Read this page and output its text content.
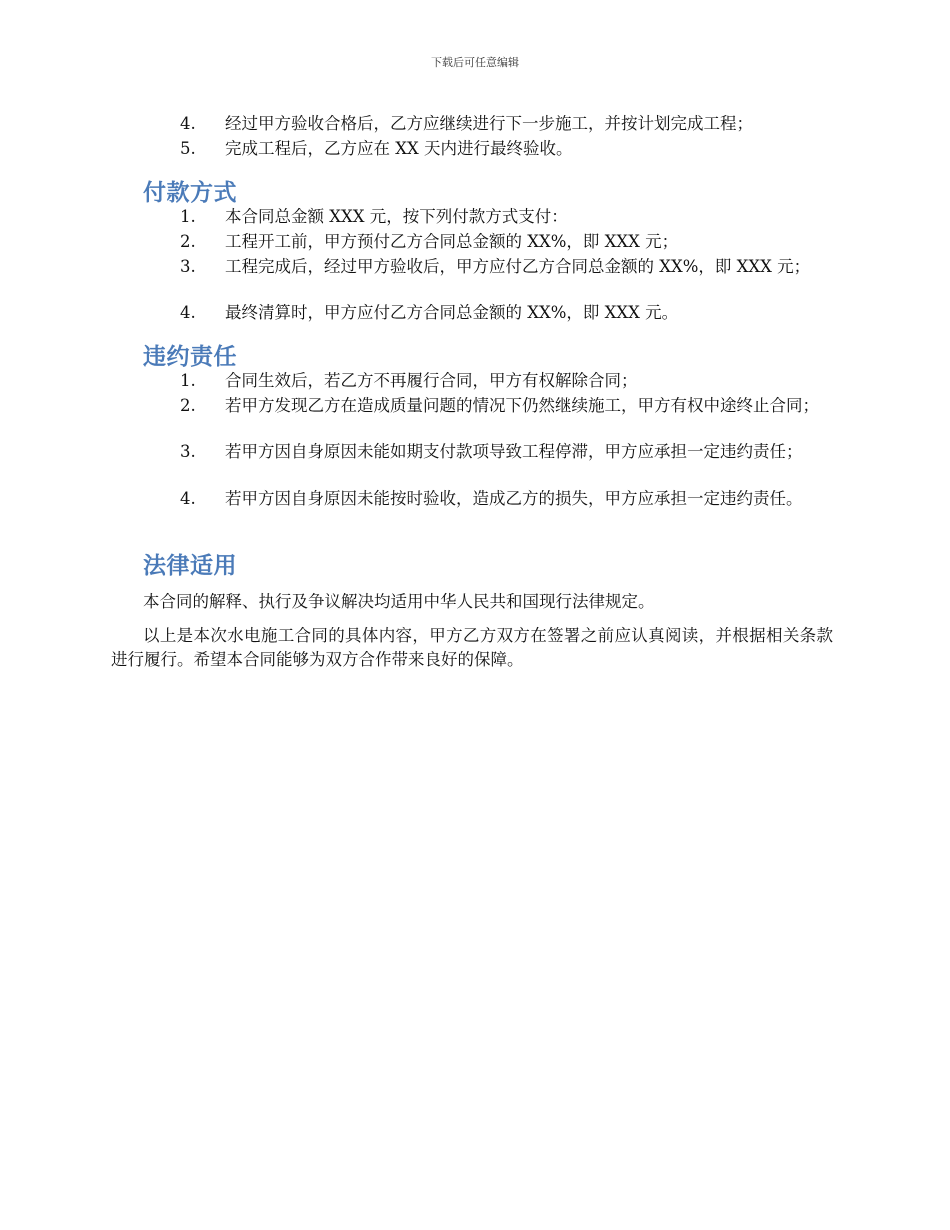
下载后可任意编辑
4.	经过甲方验收合格后，乙方应继续进行下一步施工，并按计划完成工程；
5.	完成工程后，乙方应在 XX 天内进行最终验收。
付款方式
1.	本合同总金额 XXX 元，按下列付款方式支付：
2.	工程开工前，甲方预付乙方合同总金额的 XX%，即 XXX 元；
3.	工程完成后，经过甲方验收后，甲方应付乙方合同总金额的 XX%，即 XXX 元；
4.	最终清算时，甲方应付乙方合同总金额的 XX%，即 XXX 元。
违约责任
1.	合同生效后，若乙方不再履行合同，甲方有权解除合同；
2.	若甲方发现乙方在造成质量问题的情况下仍然继续施工，甲方有权中途终止合同；
3.	若甲方因自身原因未能如期支付款项导致工程停滞，甲方应承担一定违约责任；
4.	若甲方因自身原因未能按时验收，造成乙方的损失，甲方应承担一定违约责任。
法律适用
本合同的解释、执行及争议解决均适用中华人民共和国现行法律规定。
以上是本次水电施工合同的具体内容，甲方乙方双方在签署之前应认真阅读，并根据相关条款进行履行。希望本合同能够为双方合作带来良好的保障。
